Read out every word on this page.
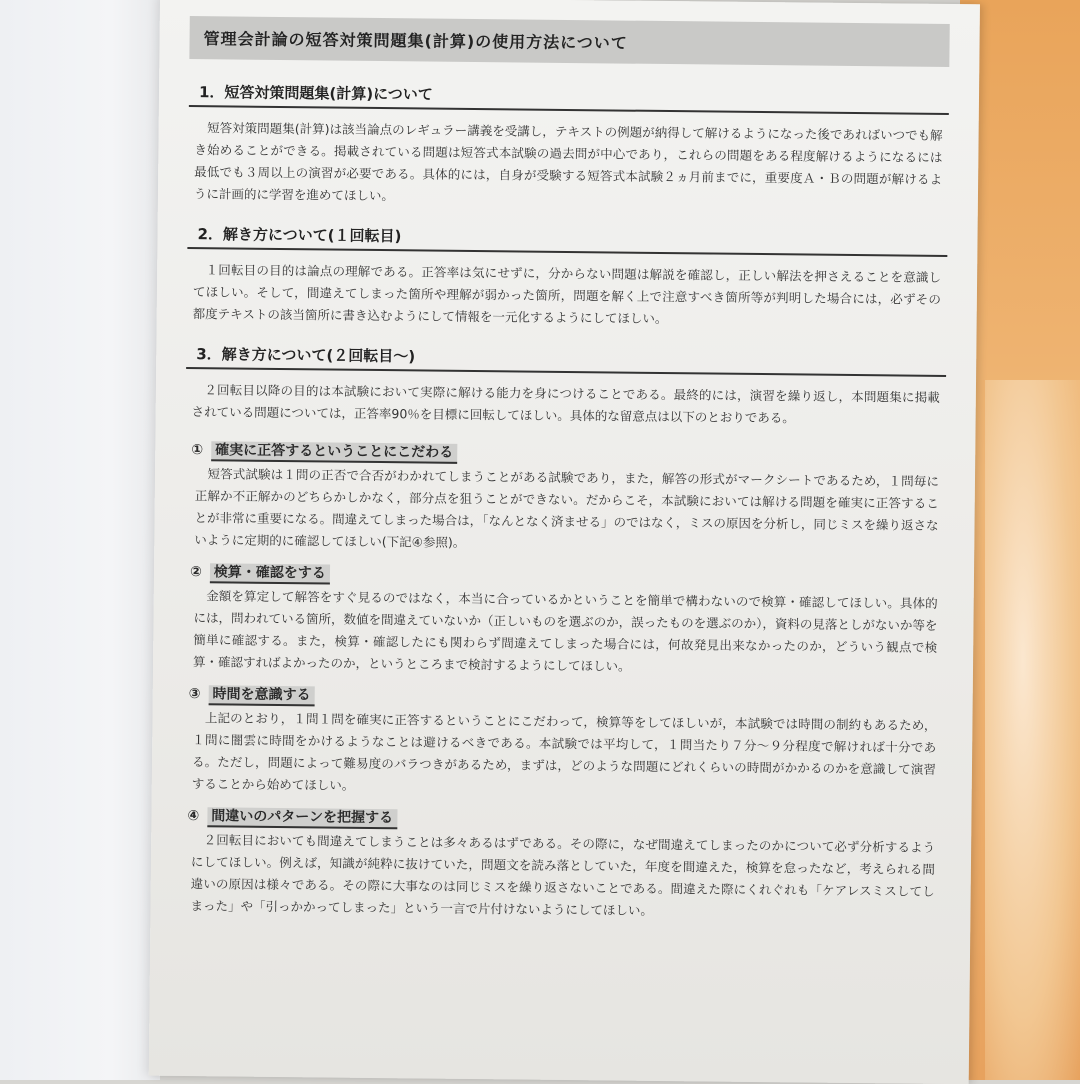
管理会計論の短答対策問題集(計算)の使用方法について
1．短答対策問題集(計算)について

短答対策問題集(計算)は該当論点のレギュラー講義を受講し，テキストの例題が納得して解けるようになった後であればいつでも解き始めることができる。掲載されている問題は短答式本試験の過去問が中心であり，これらの問題をある程度解けるようになるには最低でも３周以上の演習が必要である。具体的には，自身が受験する短答式本試験２ヵ月前までに，重要度Ａ・Ｂの問題が解けるように計画的に学習を進めてほしい。

2．解き方について(１回転目)

１回転目の目的は論点の理解である。正答率は気にせずに，分からない問題は解説を確認し，正しい解法を押さえることを意識してほしい。そして，間違えてしまった箇所や理解が弱かった箇所，問題を解く上で注意すべき箇所等が判明した場合には，必ずその都度テキストの該当箇所に書き込むようにして情報を一元化するようにしてほしい。

3．解き方について(２回転目～)

２回転目以降の目的は本試験において実際に解ける能力を身につけることである。最終的には，演習を繰り返し，本問題集に掲載されている問題については，正答率90％を目標に回転してほしい。具体的な留意点は以下のとおりである。

① 確実に正答するということにこだわる

短答式試験は１問の正否で合否がわかれてしまうことがある試験であり，また，解答の形式がマークシートであるため，１問毎に正解か不正解かのどちらかしかなく，部分点を狙うことができない。だからこそ，本試験においては解ける問題を確実に正答することが非常に重要になる。間違えてしまった場合は，「なんとなく済ませる」のではなく，ミスの原因を分析し，同じミスを繰り返さないように定期的に確認してほしい(下記④参照)。

② 検算・確認をする

金額を算定して解答をすぐ見るのではなく，本当に合っているかということを簡単で構わないので検算・確認してほしい。具体的には，問われている箇所，数値を間違えていないか（正しいものを選ぶのか，誤ったものを選ぶのか），資料の見落としがないか等を簡単に確認する。また，検算・確認したにも関わらず間違えてしまった場合には，何故発見出来なかったのか，どういう観点で検算・確認すればよかったのか，というところまで検討するようにしてほしい。

③ 時間を意識する

上記のとおり，１問１問を確実に正答するということにこだわって，検算等をしてほしいが，本試験では時間の制約もあるため，１問に闇雲に時間をかけるようなことは避けるべきである。本試験では平均して，１問当たり７分～９分程度で解ければ十分である。ただし，問題によって難易度のバラつきがあるため，まずは，どのような問題にどれくらいの時間がかかるのかを意識して演習することから始めてほしい。

④ 間違いのパターンを把握する

２回転目においても間違えてしまうことは多々あるはずである。その際に，なぜ間違えてしまったのかについて必ず分析するようにしてほしい。例えば，知識が純粋に抜けていた，問題文を読み落としていた，年度を間違えた，検算を怠ったなど，考えられる間違いの原因は様々である。その際に大事なのは同じミスを繰り返さないことである。間違えた際にくれぐれも「ケアレスミスしてしまった」や「引っかかってしまった」という一言で片付けないようにしてほしい。
